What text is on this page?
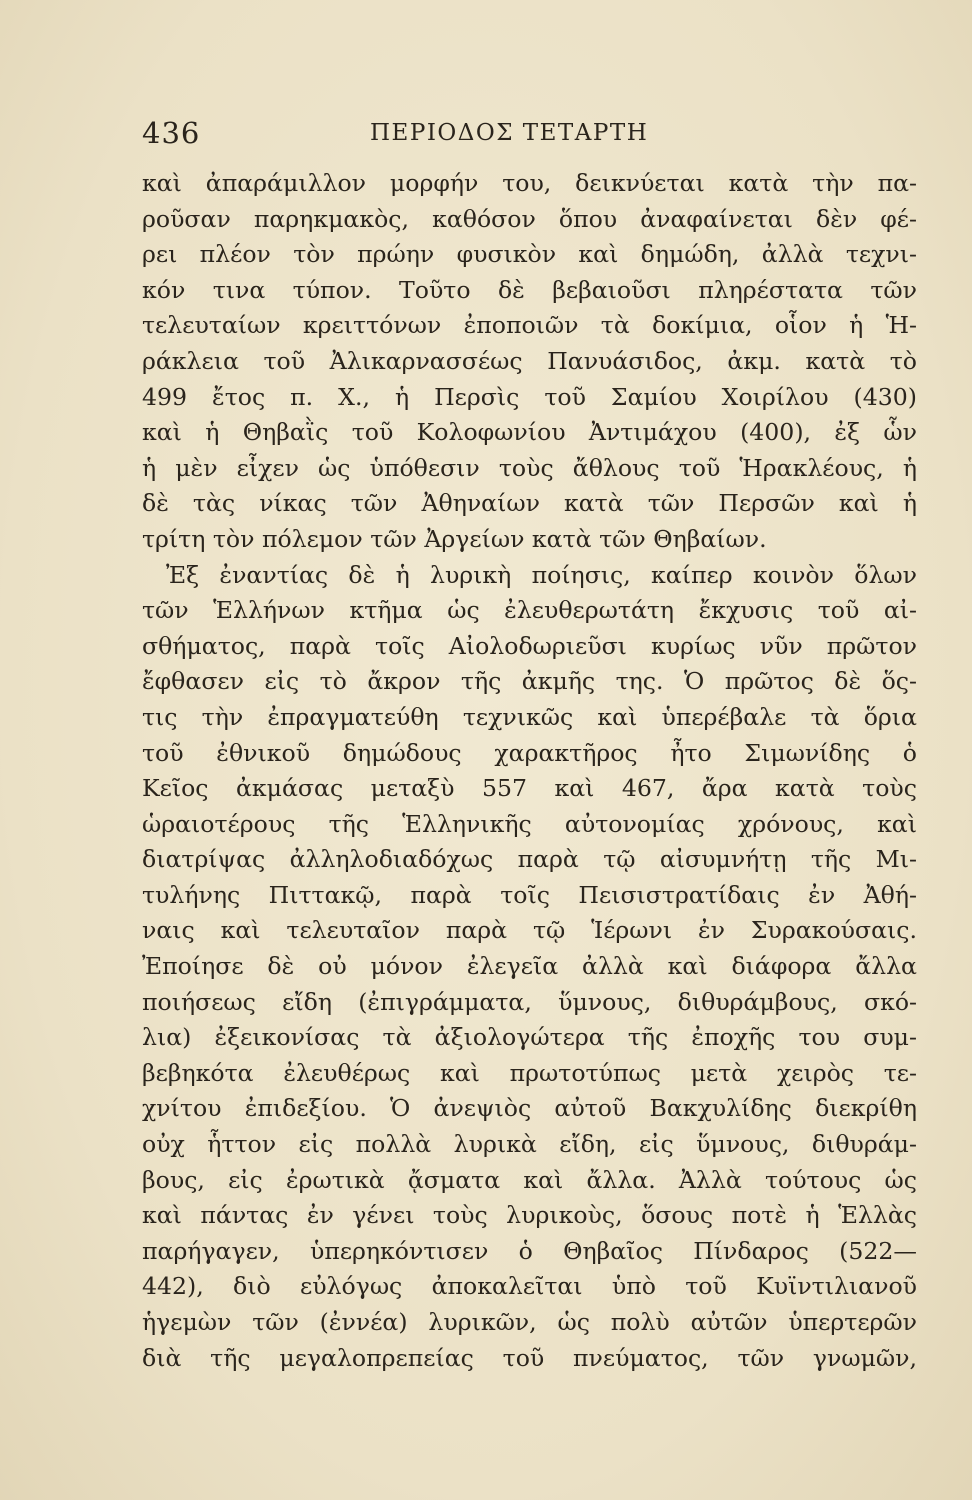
436	ΠΕΡΙΟΔΟΣ ΤΕΤΑΡΤΗ
καὶ ἀπαράμιλλον μορφήν του, δεικνύεται κατὰ τὴν πα-
ροῦσαν παρηκμακὸς, καθόσον ὅπου ἀναφαίνεται δὲν φέ-
ρει πλέον τὸν πρώην φυσικὸν καὶ δημώδη, ἀλλὰ τεχνι-
κόν τινα τύπον. Τοῦτο δὲ βεβαιοῦσι πληρέστατα τῶν
τελευταίων κρειττόνων ἐποποιῶν τὰ δοκίμια, οἷον ἡ Ἡ-
ράκλεια τοῦ Ἀλικαρνασσέως Πανυάσιδος, ἀκμ. κατὰ τὸ
499 ἔτος π. Χ., ἡ Περσὶς τοῦ Σαμίου Χοιρίλου (430)
καὶ ἡ Θηβαῒς τοῦ Κολοφωνίου Ἀντιμάχου (400), ἐξ ὧν
ἡ μὲν εἶχεν ὡς ὑπόθεσιν τοὺς ἄθλους τοῦ Ἡρακλέους, ἡ
δὲ τὰς νίκας τῶν Ἀθηναίων κατὰ τῶν Περσῶν καὶ ἡ
τρίτη τὸν πόλεμον τῶν Ἀργείων κατὰ τῶν Θηβαίων.
Ἐξ ἐναντίας δὲ ἡ λυρικὴ ποίησις, καίπερ κοινὸν ὅλων
τῶν Ἑλλήνων κτῆμα ὡς ἐλευθερωτάτη ἔκχυσις τοῦ αἰ-
σθήματος, παρὰ τοῖς Αἰολοδωριεῦσι κυρίως νῦν πρῶτον
ἔφθασεν εἰς τὸ ἄκρον τῆς ἀκμῆς της. Ὁ πρῶτος δὲ ὅς-
τις τὴν ἐπραγματεύθη τεχνικῶς καὶ ὑπερέβαλε τὰ ὅρια
τοῦ ἐθνικοῦ δημώδους χαρακτῆρος ἦτο Σιμωνίδης ὁ
Κεῖος ἀκμάσας μεταξὺ 557 καὶ 467, ἄρα κατὰ τοὺς
ὡραιοτέρους τῆς Ἑλληνικῆς αὐτονομίας χρόνους, καὶ
διατρίψας ἀλληλοδιαδόχως παρὰ τῷ αἰσυμνήτῃ τῆς Μι-
τυλήνης Πιττακῷ, παρὰ τοῖς Πεισιστρατίδαις ἐν Ἀθή-
ναις καὶ τελευταῖον παρὰ τῷ Ἱέρωνι ἐν Συρακούσαις.
Ἐποίησε δὲ οὐ μόνον ἐλεγεῖα ἀλλὰ καὶ διάφορα ἄλλα
ποιήσεως εἴδη (ἐπιγράμματα, ὕμνους, διθυράμβους, σκό-
λια) ἐξεικονίσας τὰ ἀξιολογώτερα τῆς ἐποχῆς του συμ-
βεβηκότα ἐλευθέρως καὶ πρωτοτύπως μετὰ χειρὸς τε-
χνίτου ἐπιδεξίου. Ὁ ἀνεψιὸς αὐτοῦ Βακχυλίδης διεκρίθη
οὐχ ἧττον εἰς πολλὰ λυρικὰ εἴδη, εἰς ὕμνους, διθυράμ-
βους, εἰς ἐρωτικὰ ᾄσματα καὶ ἄλλα. Ἀλλὰ τούτους ὡς
καὶ πάντας ἐν γένει τοὺς λυρικοὺς, ὅσους ποτὲ ἡ Ἑλλὰς
παρήγαγεν, ὑπερηκόντισεν ὁ Θηβαῖος Πίνδαρος (522—
442), διὸ εὐλόγως ἀποκαλεῖται ὑπὸ τοῦ Κυϊντιλιανοῦ
ἡγεμὼν τῶν (ἐννέα) λυρικῶν, ὡς πολὺ αὐτῶν ὑπερτερῶν
διὰ τῆς μεγαλοπρεπείας τοῦ πνεύματος, τῶν γνωμῶν,
